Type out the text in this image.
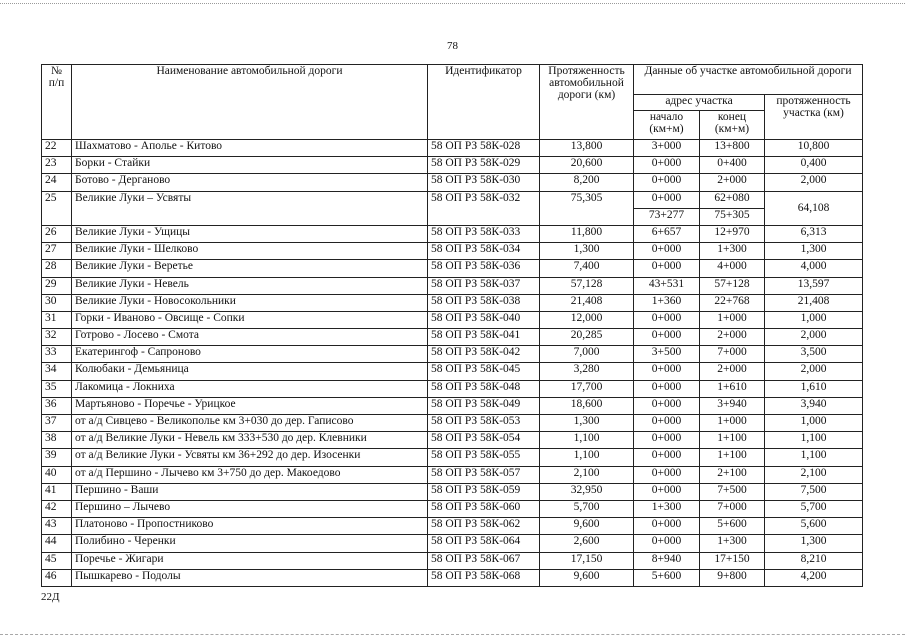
78
№
п/п	Наименование автомобильной дороги	Идентификатор	Протяженность автомобильной дороги (км)	Данные об участке автомобильной дороги		
				адрес участка		протяженность участка (км)
				начало (км+м)	конец (км+м)	
22	Шахматово - Аполье - Китово	58 ОП РЗ 58К-028	13,800	3+000	13+800	10,800
23	Борки - Стайки	58 ОП РЗ 58К-029	20,600	0+000	0+400	0,400
24	Ботово - Дерганово	58 ОП РЗ 58К-030	8,200	0+000	2+000	2,000
25	Великие Луки – Усвяты	58 ОП РЗ 58К-032	75,305	0+000	62+080	64,108
				73+277	75+305	
26	Великие Луки - Ущицы	58 ОП РЗ 58К-033	11,800	6+657	12+970	6,313
27	Великие Луки - Шелково	58 ОП РЗ 58К-034	1,300	0+000	1+300	1,300
28	Великие Луки - Веретье	58 ОП РЗ 58К-036	7,400	0+000	4+000	4,000
29	Великие Луки - Невель	58 ОП РЗ 58К-037	57,128	43+531	57+128	13,597
30	Великие Луки - Новосокольники	58 ОП РЗ 58К-038	21,408	1+360	22+768	21,408
31	Горки - Иваново - Овсище - Сопки	58 ОП РЗ 58К-040	12,000	0+000	1+000	1,000
32	Готрово - Лосево - Смота	58 ОП РЗ 58К-041	20,285	0+000	2+000	2,000
33	Екатерингоф - Сапроново	58 ОП РЗ 58К-042	7,000	3+500	7+000	3,500
34	Колюбаки - Демьяница	58 ОП РЗ 58К-045	3,280	0+000	2+000	2,000
35	Лакомица - Локниха	58 ОП РЗ 58К-048	17,700	0+000	1+610	1,610
36	Мартьяново - Поречье - Урицкое	58 ОП РЗ 58К-049	18,600	0+000	3+940	3,940
37	от а/д Сивцево - Великополье км 3+030 до дер. Гаписово	58 ОП РЗ 58К-053	1,300	0+000	1+000	1,000
38	от а/д Великие Луки - Невель км 333+530 до дер. Клевники	58 ОП РЗ 58К-054	1,100	0+000	1+100	1,100
39	от а/д Великие Луки - Усвяты км 36+292 до дер. Изосенки	58 ОП РЗ 58К-055	1,100	0+000	1+100	1,100
40	от а/д Першино - Лычево км 3+750 до дер. Макоедово	58 ОП РЗ 58К-057	2,100	0+000	2+100	2,100
41	Першино - Ваши	58 ОП РЗ 58К-059	32,950	0+000	7+500	7,500
42	Першино – Лычево	58 ОП РЗ 58К-060	5,700	1+300	7+000	5,700
43	Платоново - Пропостниково	58 ОП РЗ 58К-062	9,600	0+000	5+600	5,600
44	Полибино - Черенки	58 ОП РЗ 58К-064	2,600	0+000	1+300	1,300
45	Поречье - Жигари	58 ОП РЗ 58К-067	17,150	8+940	17+150	8,210
46	Пышкарево - Подолы	58 ОП РЗ 58К-068	9,600	5+600	9+800	4,200
22Д
